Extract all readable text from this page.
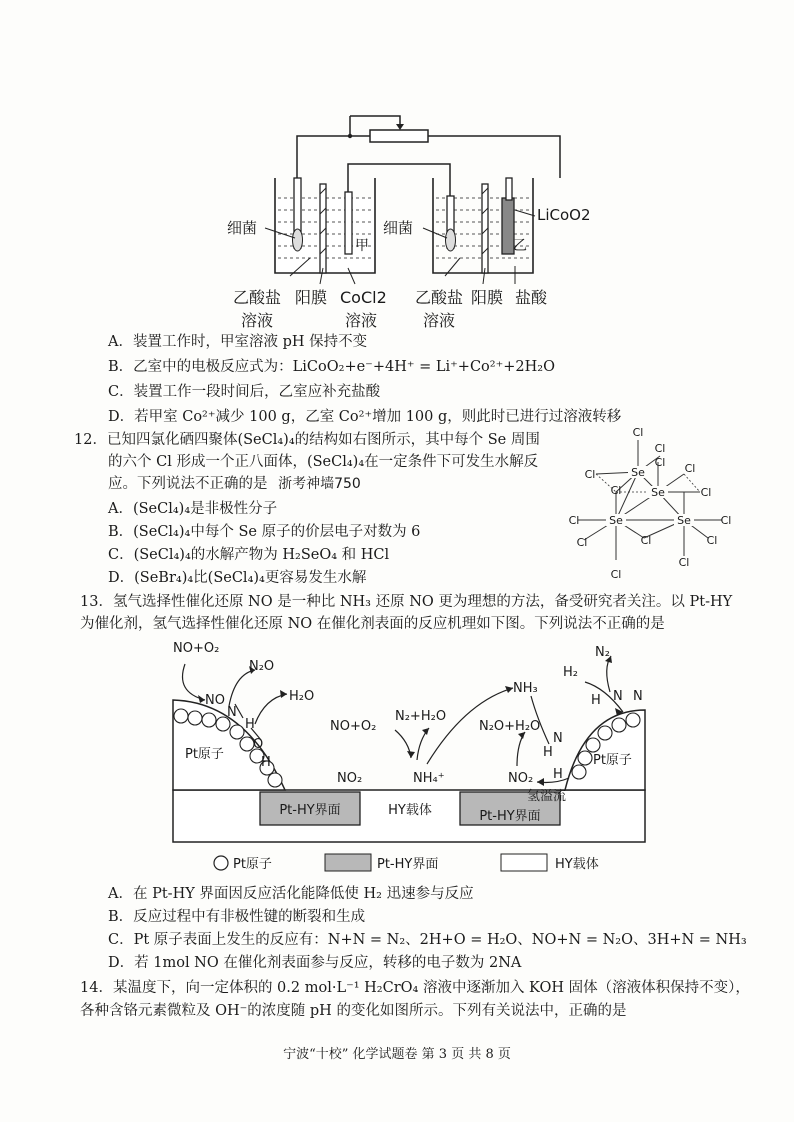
细菌	细菌
LiCoO2
甲	乙
乙酸盐
溶液
阳膜 CoCl2
溶液
乙酸盐
溶液
阳膜 盐酸
A．装置工作时，甲室溶液 pH 保持不变
B．乙室中的电极反应式为：LiCoO₂+e⁻+4H⁺ = Li⁺+Co²⁺+2H₂O
C．装置工作一段时间后，乙室应补充盐酸
D．若甲室 Co²⁺减少 100 g，乙室 Co²⁺增加 100 g，则此时已进行过溶液转移
12．已知四氯化硒四聚体(SeCl₄)₄的结构如右图所示，其中每个 Se 周围
的六个 Cl 形成一个正八面体，(SeCl₄)₄在一定条件下可发生水解反
应。下列说法不正确的是 浙考神墙750
A．(SeCl₄)₄是非极性分子
B．(SeCl₄)₄中每个 Se 原子的价层电子对数为 6
C．(SeCl₄)₄的水解产物为 H₂SeO₄ 和 HCl
D．(SeBr₄)₄比(SeCl₄)₄更容易发生水解
Cl
Cl
Cl
Cl	Cl
Cl	Cl
Cl	Cl
Cl	Cl	Cl
Cl
Cl
Se
Se
Se	Se
13．氢气选择性催化还原 NO 是一种比 NH₃ 还原 NO 更为理想的方法，备受研究者关注。以 Pt-HY
为催化剂，氢气选择性催化还原 NO 在催化剂表面的反应机理如下图。下列说法不正确的是
NO+O₂
N₂O
NO
N
H₂O
H
O
H
Pt原子
NO₂
N₂+H₂O
NO+O₂
NH₄⁺
NH₃
N₂O+H₂O
NO₂ H
H₂
N₂
H N N
H
N
Pt原子
氢溢流
Pt-HY界面	HY载体	Pt-HY界面
Pt原子	Pt-HY界面	HY载体
A．在 Pt-HY 界面因反应活化能降低使 H₂ 迅速参与反应
B．反应过程中有非极性键的断裂和生成
C．Pt 原子表面上发生的反应有：N+N = N₂、2H+O = H₂O、NO+N = N₂O、3H+N = NH₃
D．若 1mol NO 在催化剂表面参与反应，转移的电子数为 2NA
14．某温度下，向一定体积的 0.2 mol·L⁻¹ H₂CrO₄ 溶液中逐渐加入 KOH 固体（溶液体积保持不变），
各种含铬元素微粒及 OH⁻的浓度随 pH 的变化如图所示。下列有关说法中，正确的是
宁波“十校” 化学试题卷 第 3 页 共 8 页
